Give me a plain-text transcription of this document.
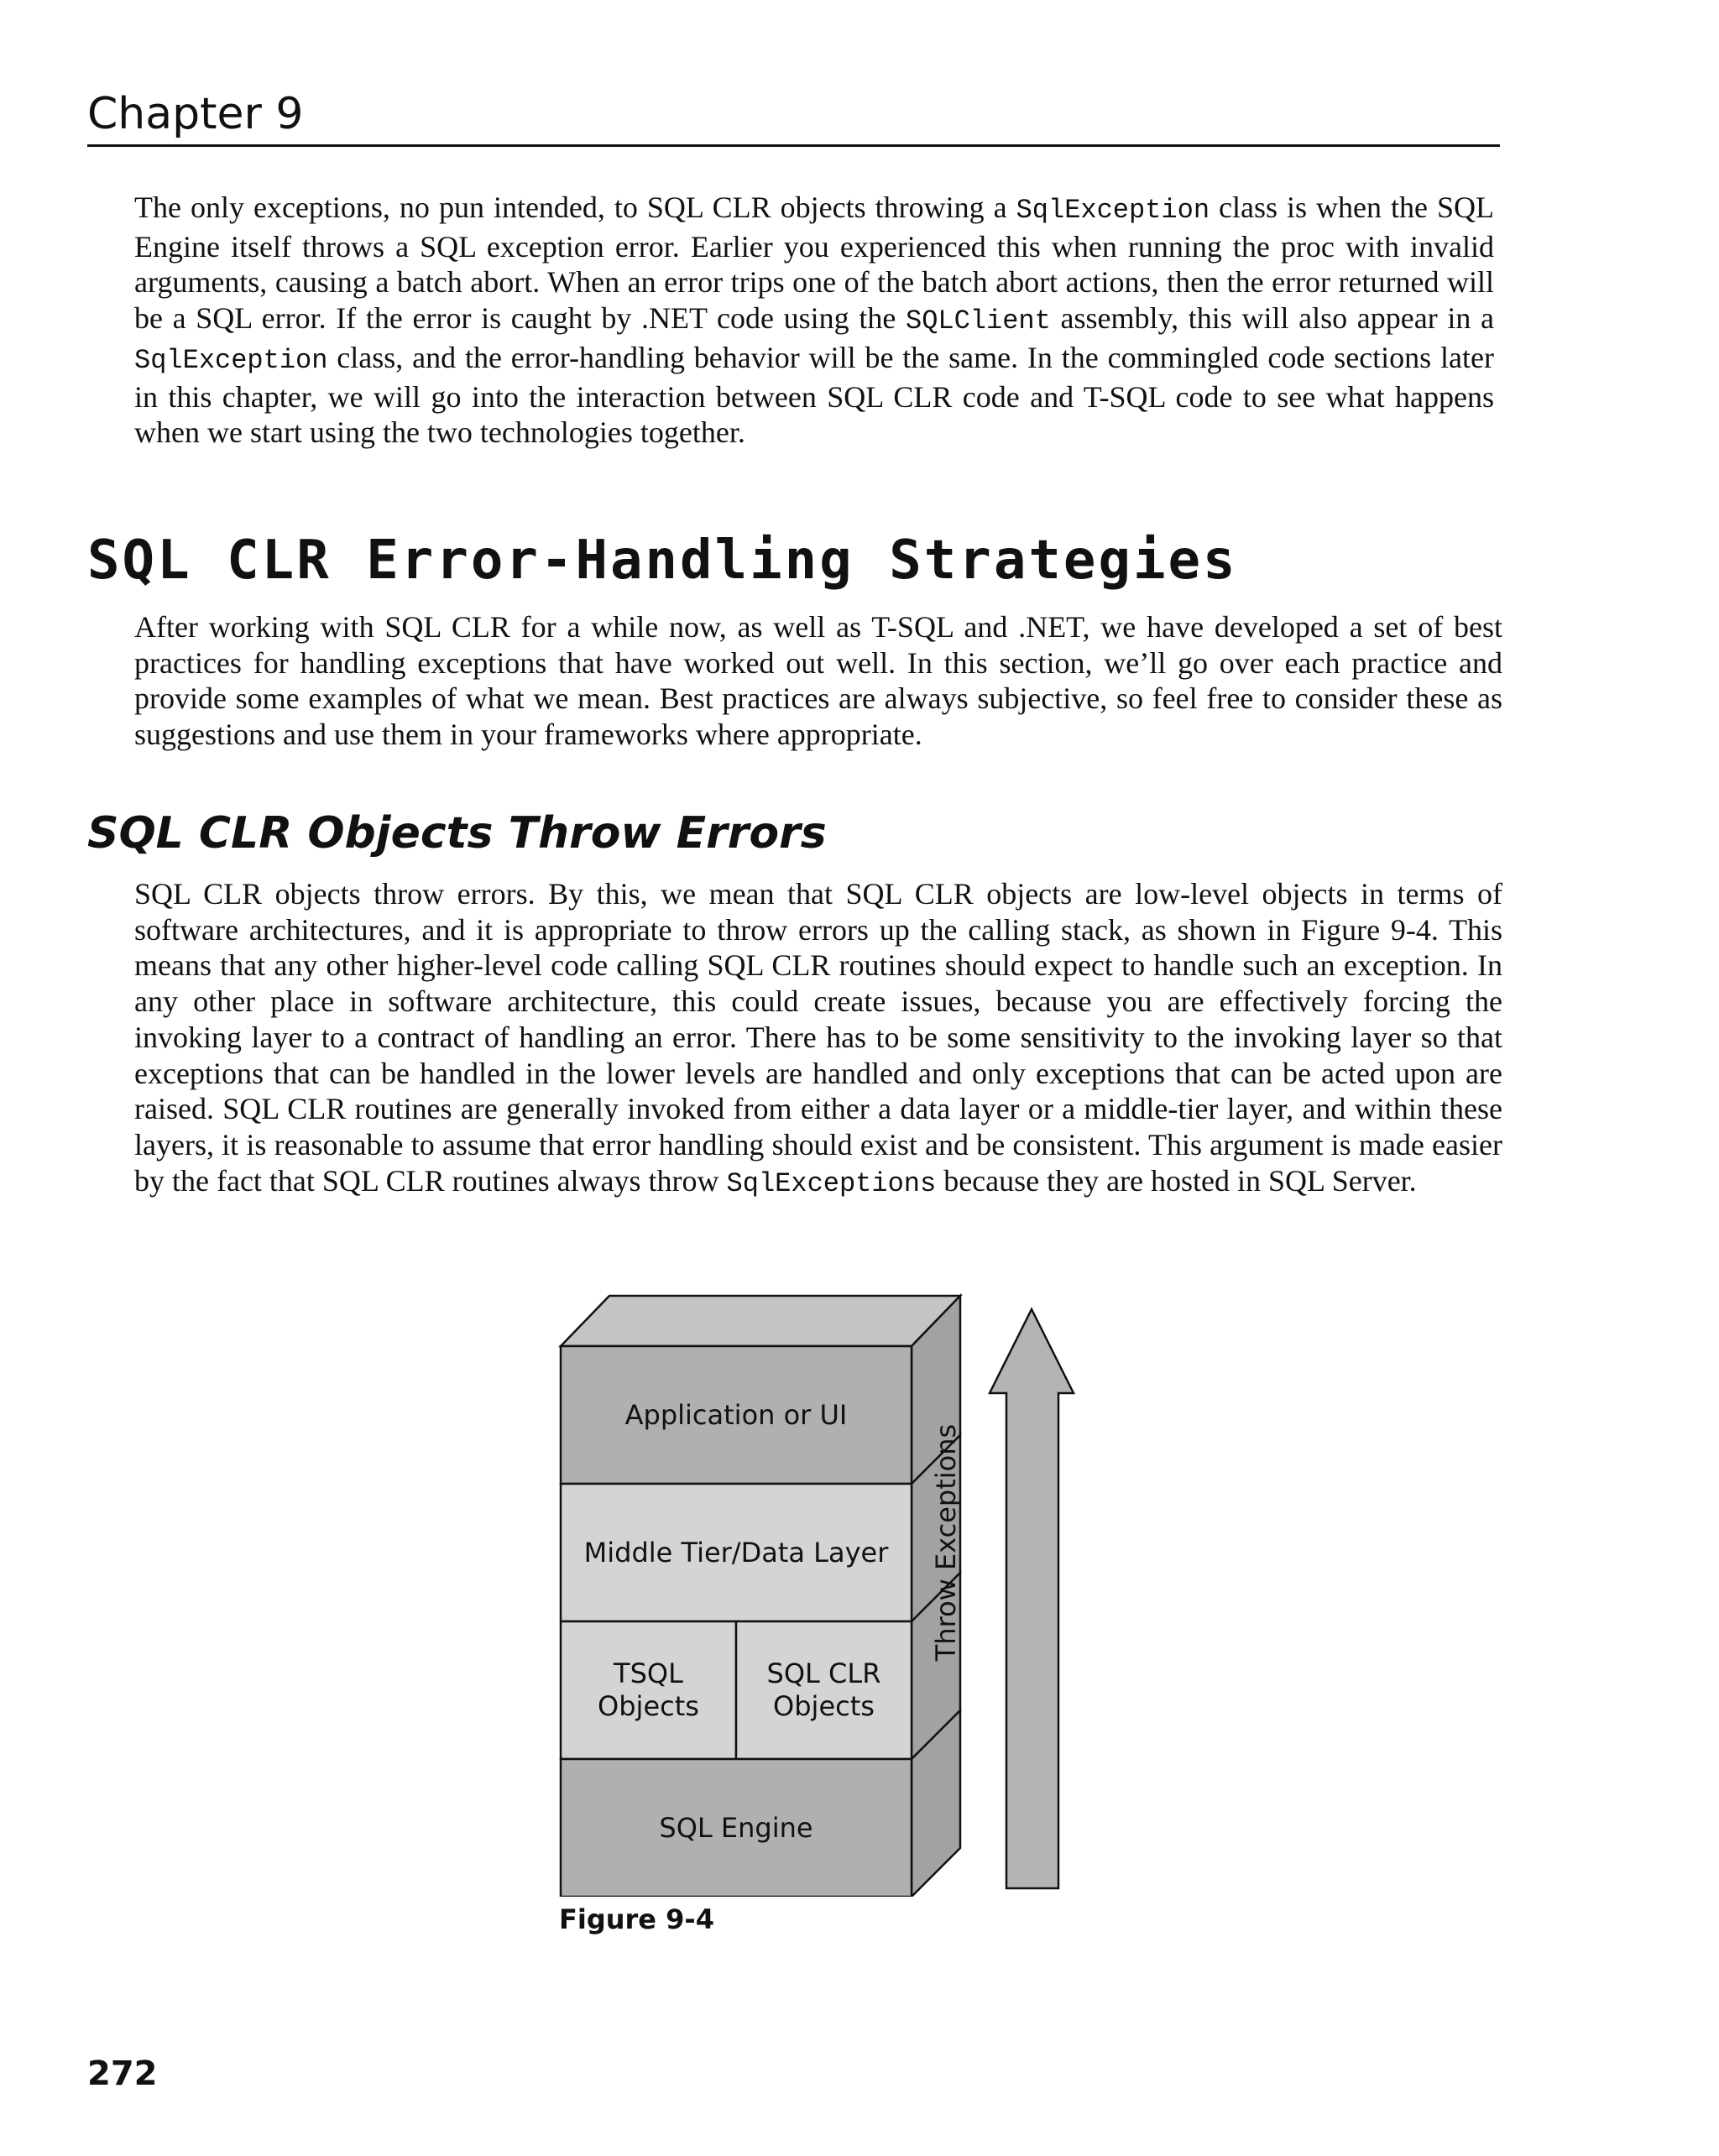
Chapter 9

The only exceptions, no pun intended, to SQL CLR objects throwing a SqlException class is when the SQL Engine itself throws a SQL exception error. Earlier you experienced this when running the proc with invalid arguments, causing a batch abort. When an error trips one of the batch abort actions, then the error returned will be a SQL error. If the error is caught by .NET code using the SQLClient assembly, this will also appear in a SqlException class, and the error-handling behavior will be the same. In the commingled code sections later in this chapter, we will go into the interaction between SQL CLR code and T-SQL code to see what happens when we start using the two technologies together.

SQL CLR Error-Handling Strategies

After working with SQL CLR for a while now, as well as T-SQL and .NET, we have developed a set of best practices for handling exceptions that have worked out well. In this section, we’ll go over each practice and provide some examples of what we mean. Best practices are always subjective, so feel free to consider these as suggestions and use them in your frameworks where appropriate.

SQL CLR Objects Throw Errors

SQL CLR objects throw errors. By this, we mean that SQL CLR objects are low-level objects in terms of software architectures, and it is appropriate to throw errors up the calling stack, as shown in Figure 9-4. This means that any other higher-level code calling SQL CLR routines should expect to handle such an exception. In any other place in software architecture, this could create issues, because you are effectively forcing the invoking layer to a contract of handling an error. There has to be some sensitivity to the invoking layer so that exceptions that can be handled in the lower levels are handled and only exceptions that can be acted upon are raised. SQL CLR routines are generally invoked from either a data layer or a middle-tier layer, and within these layers, it is reasonable to assume that error handling should exist and be consistent. This argument is made easier by the fact that SQL CLR routines always throw SqlExceptions because they are hosted in SQL Server.

Application or UI
Middle Tier/Data Layer
TSQL
Objects
SQL CLR
Objects
SQL Engine
Figure 9-4
Throw Exceptions
272
